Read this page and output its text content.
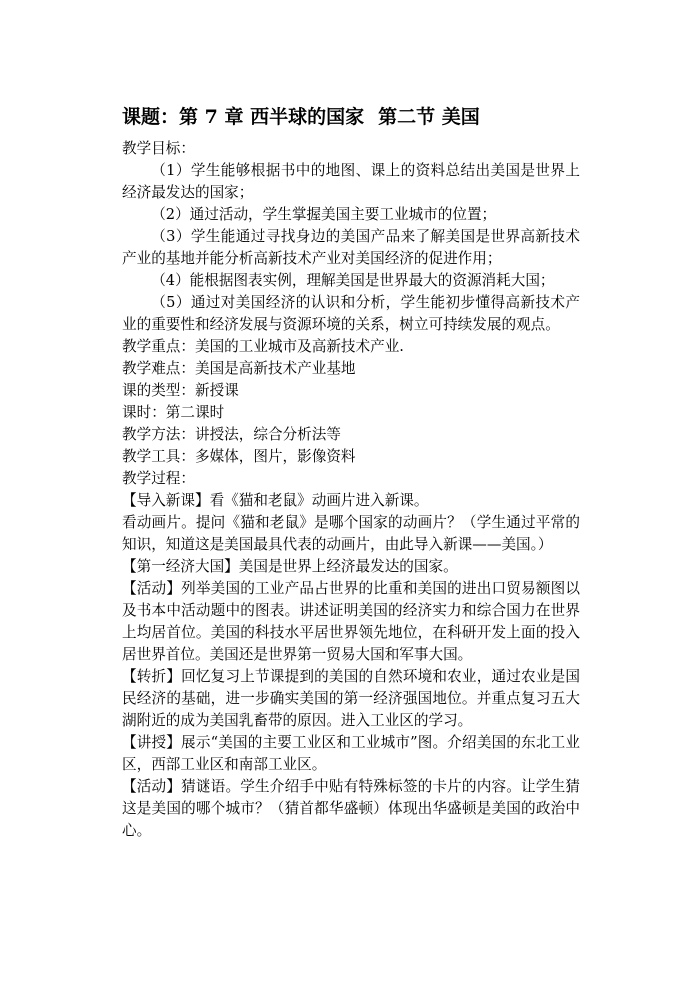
课题：第 7 章 西半球的国家 第二节 美国

教学目标：

（1）学生能够根据书中的地图、课上的资料总结出美国是世界上经济最发达的国家；

（2）通过活动，学生掌握美国主要工业城市的位置；

（3）学生能通过寻找身边的美国产品来了解美国是世界高新技术产业的基地并能分析高新技术产业对美国经济的促进作用；

（4）能根据图表实例，理解美国是世界最大的资源消耗大国；

（5）通过对美国经济的认识和分析，学生能初步懂得高新技术产业的重要性和经济发展与资源环境的关系，树立可持续发展的观点。

教学重点：美国的工业城市及高新技术产业.

教学难点：美国是高新技术产业基地

课的类型：新授课

课时：第二课时

教学方法：讲授法，综合分析法等

教学工具：多媒体，图片，影像资料

教学过程：

【导入新课】看《猫和老鼠》动画片进入新课。

看动画片。提问《猫和老鼠》是哪个国家的动画片？（学生通过平常的知识，知道这是美国最具代表的动画片，由此导入新课——美国。）

【第一经济大国】美国是世界上经济最发达的国家。

【活动】列举美国的工业产品占世界的比重和美国的进出口贸易额图以及书本中活动题中的图表。讲述证明美国的经济实力和综合国力在世界上均居首位。美国的科技水平居世界领先地位，在科研开发上面的投入居世界首位。美国还是世界第一贸易大国和军事大国。

【转折】回忆复习上节课提到的美国的自然环境和农业，通过农业是国民经济的基础，进一步确实美国的第一经济强国地位。并重点复习五大湖附近的成为美国乳畜带的原因。进入工业区的学习。

【讲授】展示“美国的主要工业区和工业城市”图。介绍美国的东北工业区，西部工业区和南部工业区。

【活动】猜谜语。学生介绍手中贴有特殊标签的卡片的内容。让学生猜这是美国的哪个城市？（猜首都华盛顿）体现出华盛顿是美国的政治中心。
